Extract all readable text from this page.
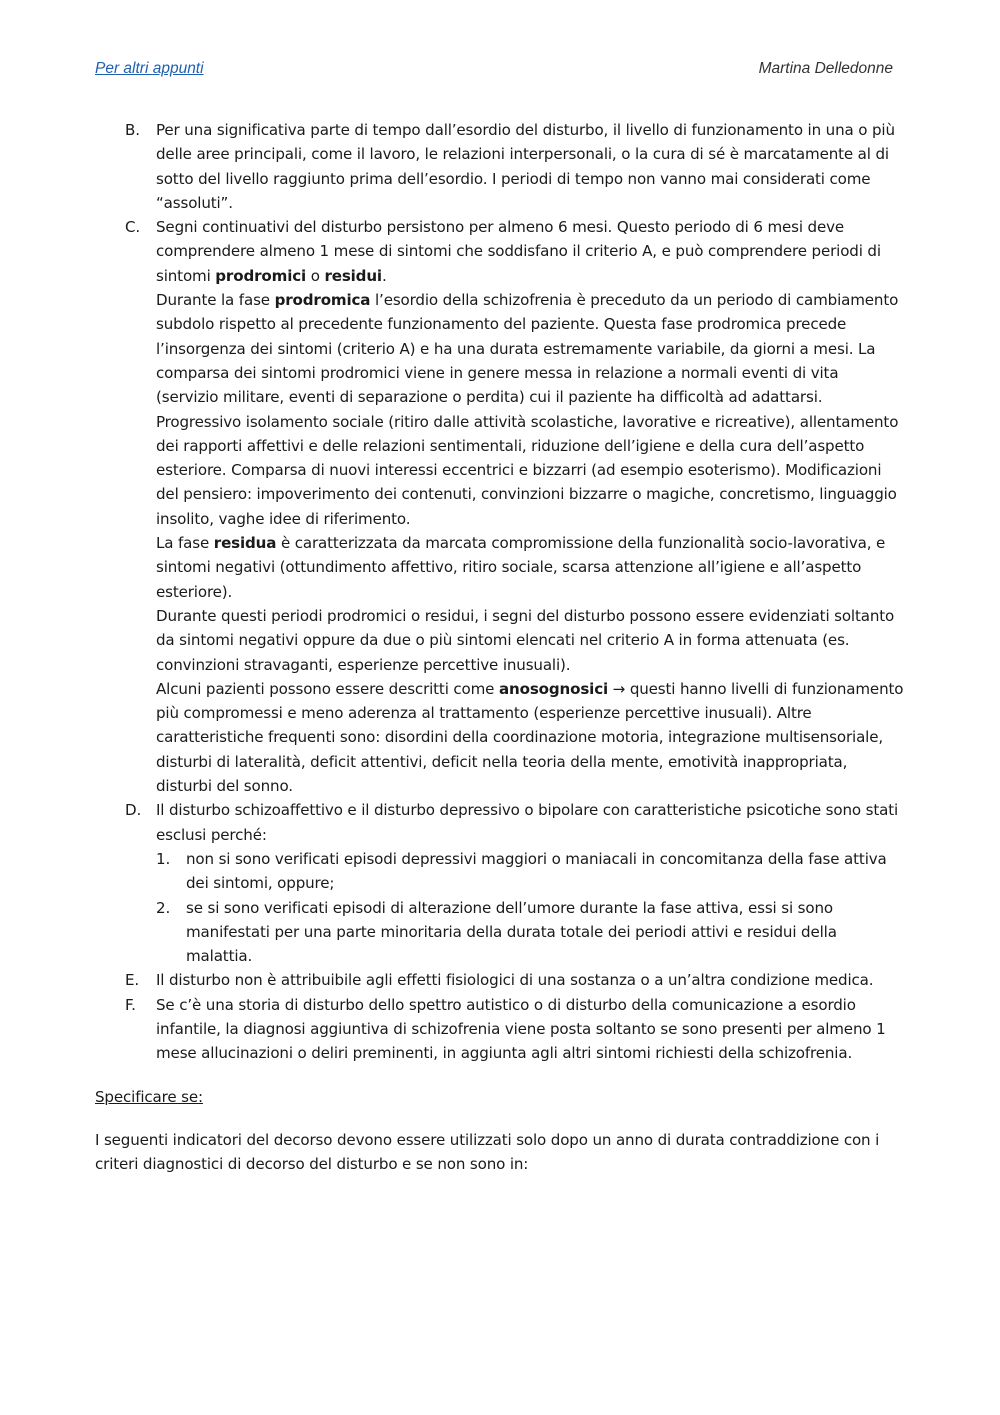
Per altri appunti	Martina Delledonne
B. Per una significativa parte di tempo dall’esordio del disturbo, il livello di funzionamento in una o più delle aree principali, come il lavoro, le relazioni interpersonali, o la cura di sé è marcatamente al di sotto del livello raggiunto prima dell’esordio. I periodi di tempo non vanno mai considerati come “assoluti”.

C. Segni continuativi del disturbo persistono per almeno 6 mesi. Questo periodo di 6 mesi deve comprendere almeno 1 mese di sintomi che soddisfano il criterio A, e può comprendere periodi di sintomi prodromici o residui.

Durante la fase prodromica l’esordio della schizofrenia è preceduto da un periodo di cambiamento subdolo rispetto al precedente funzionamento del paziente. Questa fase prodromica precede l’insorgenza dei sintomi (criterio A) e ha una durata estremamente variabile, da giorni a mesi. La comparsa dei sintomi prodromici viene in genere messa in relazione a normali eventi di vita (servizio militare, eventi di separazione o perdita) cui il paziente ha difficoltà ad adattarsi. Progressivo isolamento sociale (ritiro dalle attività scolastiche, lavorative e ricreative), allentamento dei rapporti affettivi e delle relazioni sentimentali, riduzione dell’igiene e della cura dell’aspetto esteriore. Comparsa di nuovi interessi eccentrici e bizzarri (ad esempio esoterismo). Modificazioni del pensiero: impoverimento dei contenuti, convinzioni bizzarre o magiche, concretismo, linguaggio insolito, vaghe idee di riferimento.

La fase residua è caratterizzata da marcata compromissione della funzionalità socio-lavorativa, e sintomi negativi (ottundimento affettivo, ritiro sociale, scarsa attenzione all’igiene e all’aspetto esteriore).

Durante questi periodi prodromici o residui, i segni del disturbo possono essere evidenziati soltanto da sintomi negativi oppure da due o più sintomi elencati nel criterio A in forma attenuata (es. convinzioni stravaganti, esperienze percettive inusuali).

Alcuni pazienti possono essere descritti come anosognosici → questi hanno livelli di funzionamento più compromessi e meno aderenza al trattamento (esperienze percettive inusuali). Altre caratteristiche frequenti sono: disordini della coordinazione motoria, integrazione multisensoriale, disturbi di lateralità, deficit attentivi, deficit nella teoria della mente, emotività inappropriata, disturbi del sonno.

D. Il disturbo schizoaffettivo e il disturbo depressivo o bipolare con caratteristiche psicotiche sono stati esclusi perché:

1. non si sono verificati episodi depressivi maggiori o maniacali in concomitanza della fase attiva dei sintomi, oppure;

2. se si sono verificati episodi di alterazione dell’umore durante la fase attiva, essi si sono manifestati per una parte minoritaria della durata totale dei periodi attivi e residui della malattia.

E. Il disturbo non è attribuibile agli effetti fisiologici di una sostanza o a un’altra condizione medica.

F. Se c’è una storia di disturbo dello spettro autistico o di disturbo della comunicazione a esordio infantile, la diagnosi aggiuntiva di schizofrenia viene posta soltanto se sono presenti per almeno 1 mese allucinazioni o deliri preminenti, in aggiunta agli altri sintomi richiesti della schizofrenia.

Specificare se:

I seguenti indicatori del decorso devono essere utilizzati solo dopo un anno di durata contraddizione con i criteri diagnostici di decorso del disturbo e se non sono in:
